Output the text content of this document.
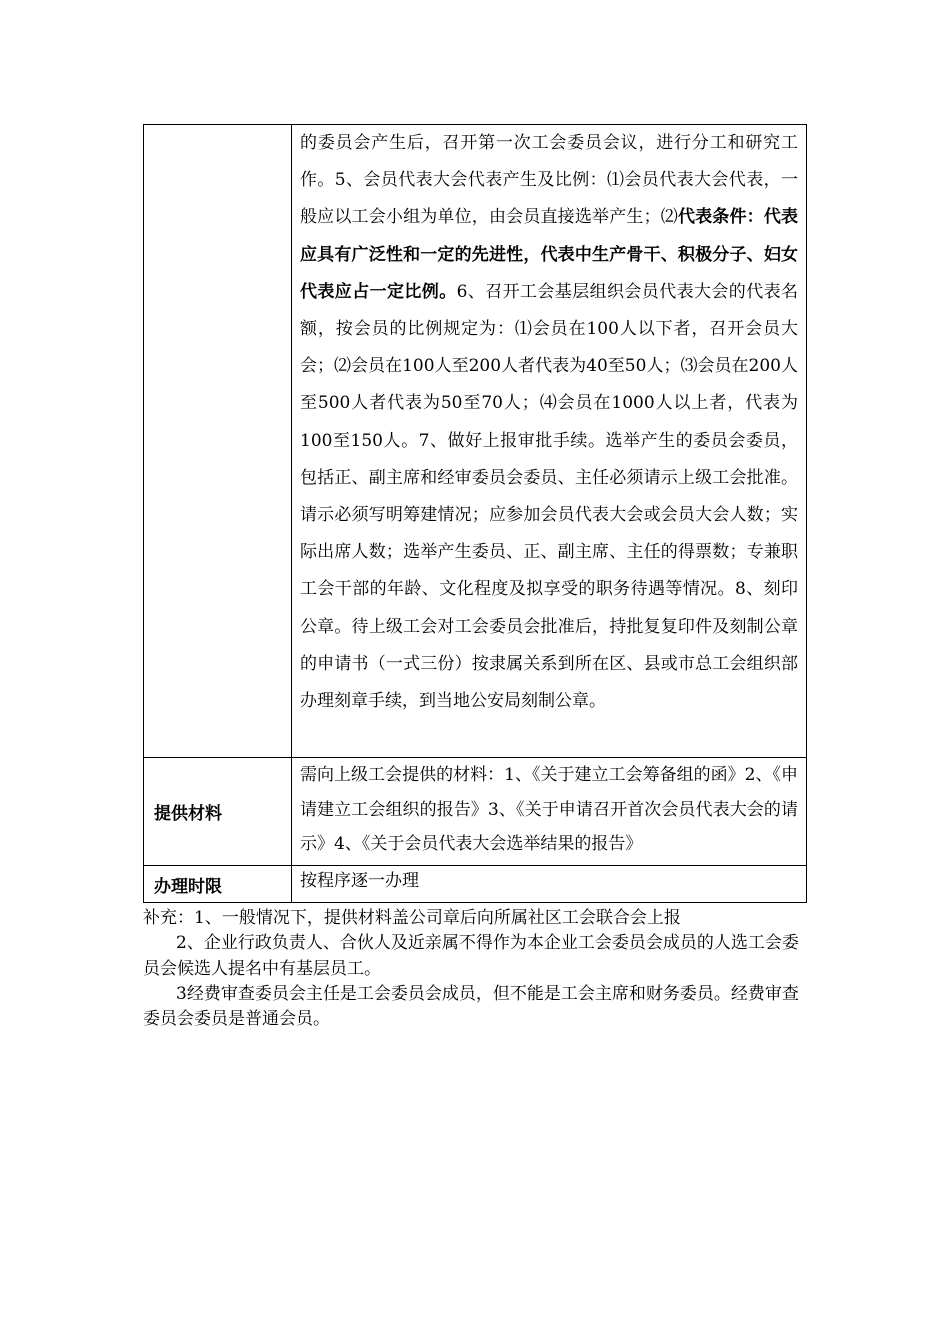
	的委员会产生后，召开第一次工会委员会议，进行分工和研究工作。5、会员代表大会代表产生及比例：⑴会员代表大会代表，一般应以工会小组为单位，由会员直接选举产生；⑵代表条件：代表应具有广泛性和一定的先进性，代表中生产骨干、积极分子、妇女代表应占一定比例。6、召开工会基层组织会员代表大会的代表名额，按会员的比例规定为：⑴会员在100人以下者，召开会员大会；⑵会员在100人至200人者代表为40至50人；⑶会员在200人至500人者代表为50至70人；⑷会员在1000人以上者，代表为100至150人。7、做好上报审批手续。选举产生的委员会委员，包括正、副主席和经审委员会委员、主任必须请示上级工会批准。请示必须写明筹建情况；应参加会员代表大会或会员大会人数；实际出席人数；选举产生委员、正、副主席、主任的得票数；专兼职工会干部的年龄、文化程度及拟享受的职务待遇等情况。8、刻印公章。待上级工会对工会委员会批准后，持批复复印件及刻制公章的申请书（一式三份）按隶属关系到所在区、县或市总工会组织部办理刻章手续，到当地公安局刻制公章。

提供材料	需向上级工会提供的材料：1、《关于建立工会筹备组的函》2、《申请建立工会组织的报告》3、《关于申请召开首次会员代表大会的请示》4、《关于会员代表大会选举结果的报告》

办理时限	按程序逐一办理

补充：1、一般情况下，提供材料盖公司章后向所属社区工会联合会上报

2、企业行政负责人、合伙人及近亲属不得作为本企业工会委员会成员的人选工会委员会候选人提名中有基层员工。

3经费审查委员会主任是工会委员会成员，但不能是工会主席和财务委员。经费审查委员会委员是普通会员。
